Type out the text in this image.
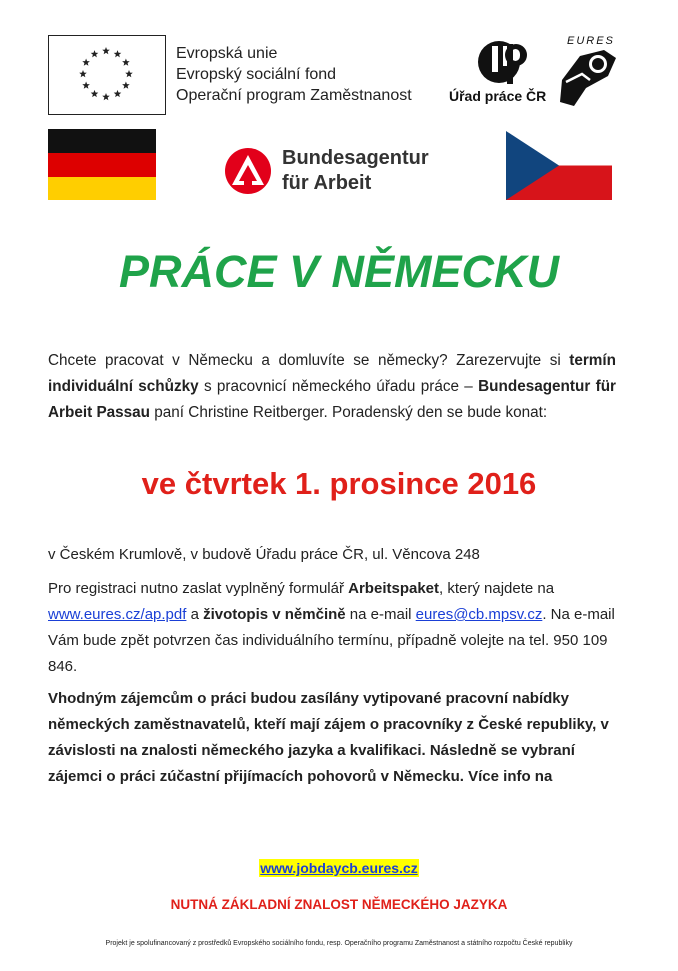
Evropská unie
Evropský sociální fond
Operační program Zaměstnanost	Úřad práce ČR
EURES
Bundesagentur
für Arbeit
PRÁCE V NĚMECKU
Chcete pracovat v Německu a domluvíte se německy? Zarezervujte si termín individuální schůzky s pracovnicí německého úřadu práce – Bundesagentur für Arbeit Passau paní Christine Reitberger. Poradenský den se bude konat:
ve čtvrtek 1. prosince 2016
v Českém Krumlově, v budově Úřadu práce ČR, ul. Věncova 248
Pro registraci nutno zaslat vyplněný formulář Arbeitspaket, který najdete na www.eures.cz/ap.pdf a životopis v němčině na e-mail eures@cb.mpsv.cz. Na e-mail Vám bude zpět potvrzen čas individuálního termínu, případně volejte na tel. 950 109 846.
Vhodným zájemcům o práci budou zasílány vytipované pracovní nabídky německých zaměstnavatelů, kteří mají zájem o pracovníky z České republiky, v závislosti na znalosti německého jazyka a kvalifikaci. Následně se vybraní zájemci o práci zúčastní přijímacích pohovorů v Německu. Více info na
www.jobdaycb.eures.cz
NUTNÁ ZÁKLADNÍ ZNALOST NĚMECKÉHO JAZYKA
Projekt je spolufinancovaný z prostředků Evropského sociálního fondu, resp. Operačního programu Zaměstnanost a státního rozpočtu České republiky
